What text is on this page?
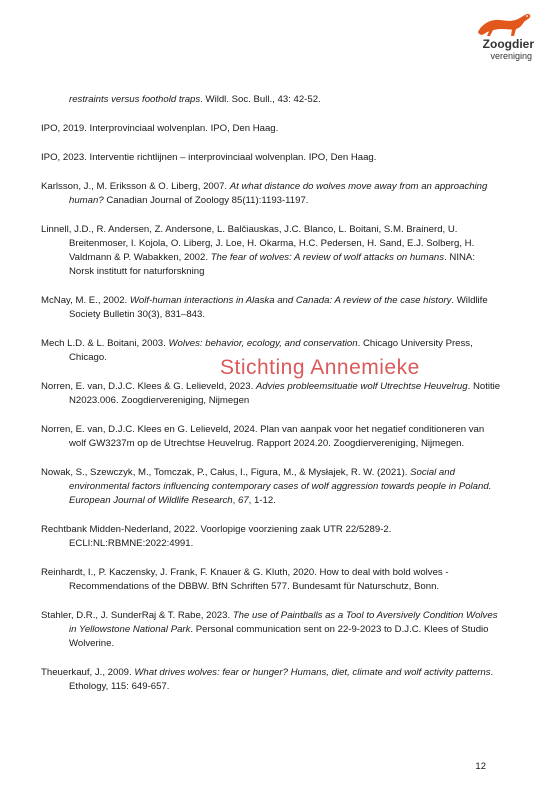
Zoogdier
vereniging

restraints versus foothold traps. Wildl. Soc. Bull., 43: 42-52.

IPO, 2019. Interprovinciaal wolvenplan. IPO, Den Haag.

IPO, 2023. Interventie richtlijnen – interprovinciaal wolvenplan. IPO, Den Haag.

Karlsson, J., M. Eriksson & O. Liberg, 2007. At what distance do wolves move away from an approaching human? Canadian Journal of Zoology 85(11):1193-1197.

Linnell, J.D., R. Andersen, Z. Andersone, L. Balčiauskas, J.C. Blanco, L. Boitani, S.M. Brainerd, U. Breitenmoser, I. Kojola, O. Liberg, J. Loe, H. Okarma, H.C. Pedersen, H. Sand, E.J. Solberg, H. Valdmann & P. Wabakken, 2002. The fear of wolves: A review of wolf attacks on humans. NINA: Norsk institutt for naturforskning

McNay, M. E., 2002. Wolf-human interactions in Alaska and Canada: A review of the case history. Wildlife Society Bulletin 30(3), 831–843.

Mech L.D. & L. Boitani, 2003. Wolves: behavior, ecology, and conservation. Chicago University Press, Chicago.

Norren, E. van, D.J.C. Klees & G. Lelieveld, 2023. Advies probleemsituatie wolf Utrechtse Heuvelrug. Notitie N2023.006. Zoogdiervereniging, Nijmegen

Norren, E. van, D.J.C. Klees en G. Lelieveld, 2024. Plan van aanpak voor het negatief conditioneren van wolf GW3237m op de Utrechtse Heuvelrug. Rapport 2024.20. Zoogdiervereniging, Nijmegen.

Nowak, S., Szewczyk, M., Tomczak, P., Całus, I., Figura, M., & Mysłajek, R. W. (2021). Social and environmental factors influencing contemporary cases of wolf aggression towards people in Poland. European Journal of Wildlife Research, 67, 1-12.

Rechtbank Midden-Nederland, 2022. Voorlopige voorziening zaak UTR 22/5289-2. ECLI:NL:RBMNE:2022:4991.

Reinhardt, I., P. Kaczensky, J. Frank, F. Knauer & G. Kluth, 2020. How to deal with bold wolves - Recommendations of the DBBW. BfN Schriften 577. Bundesamt für Naturschutz, Bonn.

Stahler, D.R., J. SunderRaj & T. Rabe, 2023. The use of Paintballs as a Tool to Aversively Condition Wolves in Yellowstone National Park. Personal communication sent on 22-9-2023 to D.J.C. Klees of Studio Wolverine.

Theuerkauf, J., 2009. What drives wolves: fear or hunger? Humans, diet, climate and wolf activity patterns. Ethology, 115: 649-657.

Stichting Annemieke
12
